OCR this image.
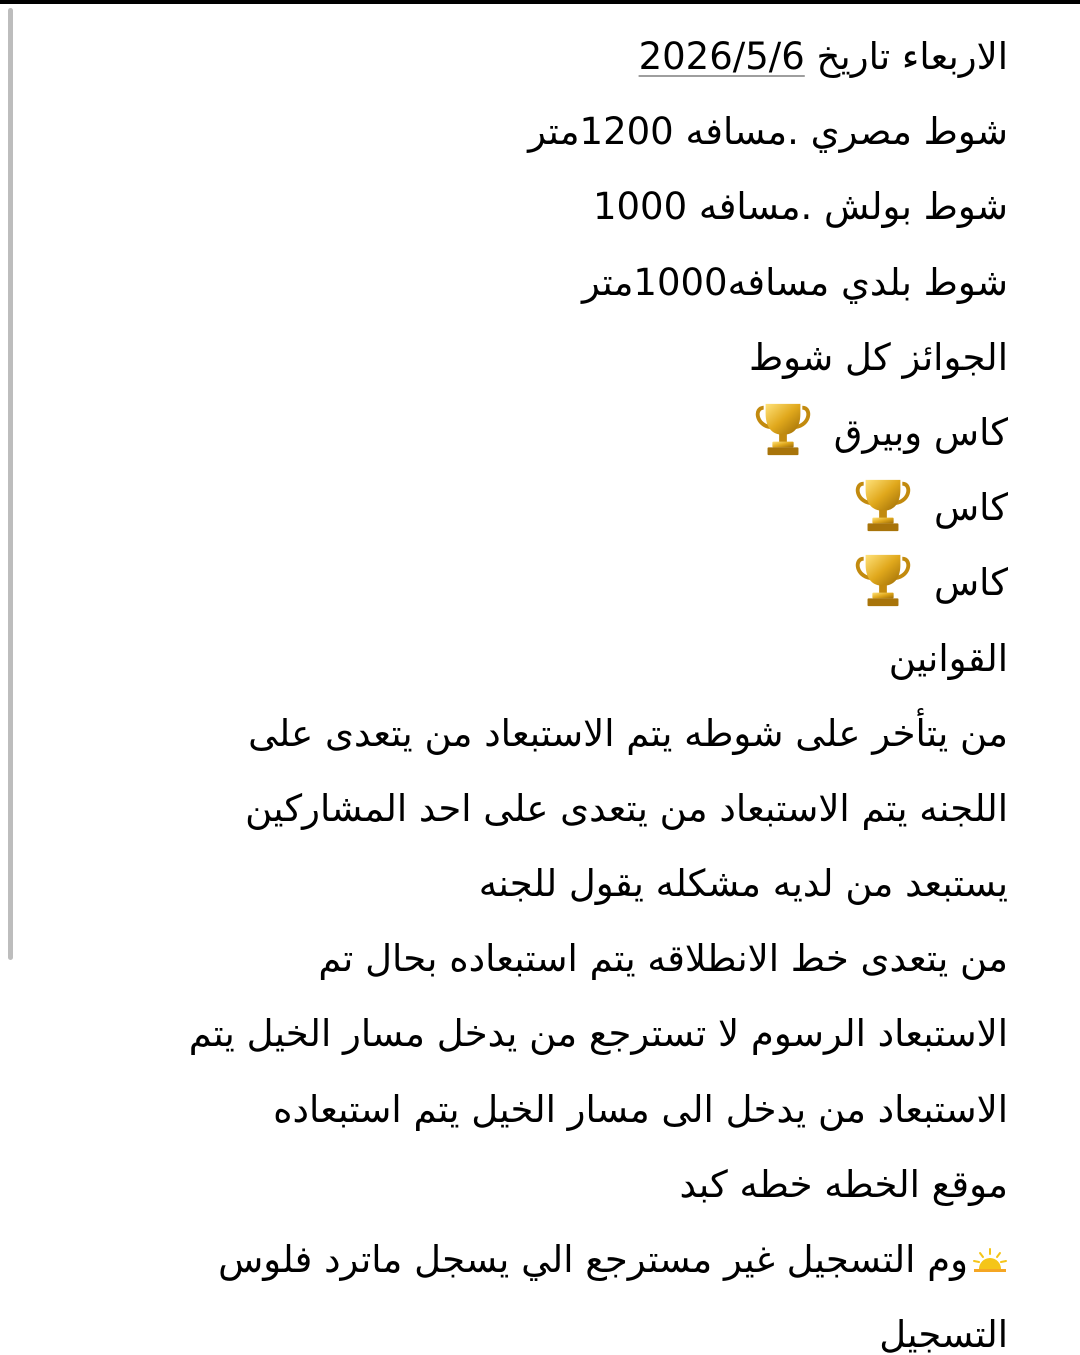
الاربعاء تاريخ 2026/5/6
شوط مصري .مسافه 1200متر
شوط بولش .مسافه 1000
شوط بلدي مسافه1000متر
الجوائز كل شوط
كاس وبيرق
كاس
كاس
القوانين
من يتأخر على شوطه يتم الاستبعاد من يتعدى على
اللجنه يتم الاستبعاد من يتعدى على احد المشاركين
يستبعد من لديه مشكله يقول للجنه
من يتعدى خط الانطلاقه يتم استبعاده بحال تم
الاستبعاد الرسوم لا تسترجع من يدخل مسار الخيل يتم
الاستبعاد من يدخل الى مسار الخيل يتم استبعاده
موقع الخطه خطه كبد
وم التسجيل غير مسترجع الي يسجل ماترد فلوس
التسجيل
